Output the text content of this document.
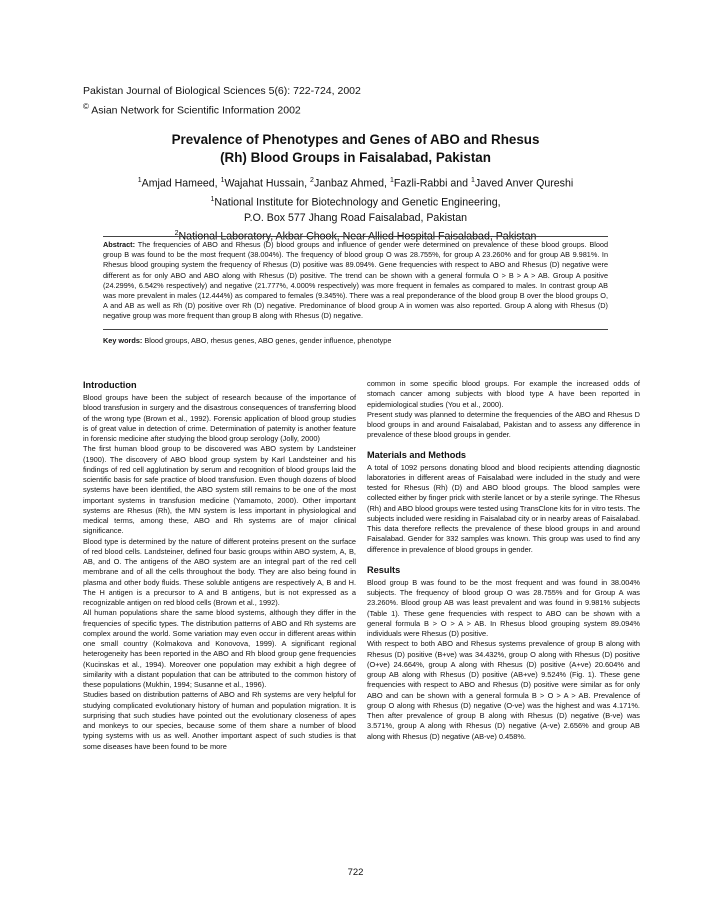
Pakistan Journal of Biological Sciences 5(6): 722-724, 2002
© Asian Network for Scientific Information 2002
Prevalence of Phenotypes and Genes of ABO and Rhesus
(Rh) Blood Groups in Faisalabad, Pakistan
$^1$Amjad Hameed, $^1$Wajahat Hussain, $^2$Janbaz Ahmed, $^1$Fazli-Rabbi and $^1$Javed Anver Qureshi
$^1$National Institute for Biotechnology and Genetic Engineering,
P.O. Box 577 Jhang Road Faisalabad, Pakistan
$^2$National Laboratory, Akbar Chook, Near Allied Hospital Faisalabad, Pakistan
Abstract: The frequencies of ABO and Rhesus (D) blood groups and influence of gender were determined on prevalence of these blood groups. Blood group B was found to be the most frequent (38.004%). The frequency of blood group O was 28.755%, for group A 23.260% and for group AB 9.981%. In Rhesus blood grouping system the frequency of Rhesus (D) positive was 89.094%. Gene frequencies with respect to ABO and Rhesus (D) negative were different as for only ABO and ABO along with Rhesus (D) positive. The trend can be shown with a general formula O > B > A > AB. Group A positive (24.299%, 6.542% respectively) and negative (21.777%, 4.000% respectively) was more frequent in females as compared to males. In contrast group AB was more prevalent in males (12.444%) as compared to females (9.345%). There was a real preponderance of the blood group B over the blood groups O, A and AB as well as Rh (D) positive over Rh (D) negative. Predominance of blood group A in women was also reported. Group A along with Rhesus (D) negative group was more frequent than group B along with Rhesus (D) negative.
Key words: Blood groups, ABO, rhesus genes, ABO genes, gender influence, phenotype
Introduction

Blood groups have been the subject of research because of the importance of blood transfusion in surgery and the disastrous consequences of transferring blood of the wrong type (Brown et al., 1992). Forensic application of blood group studies is of great value in detection of crime. Determination of paternity is another feature in forensic medicine after studying the blood group serology (Jolly, 2000)

The first human blood group to be discovered was ABO system by Landsteiner (1900). The discovery of ABO blood group system by Karl Landsteiner and his findings of red cell agglutination by serum and recognition of blood groups laid the scientific basis for safe practice of blood transfusion. Even though dozens of blood systems have been identified, the ABO system still remains to be one of the most important systems in transfusion medicine (Yamamoto, 2000). Other important systems are Rhesus (Rh), the MN system is less important in physiological and medical terms, among these, ABO and Rh systems are of major clinical significance.

Blood type is determined by the nature of different proteins present on the surface of red blood cells. Landsteiner, defined four basic groups within ABO system, A, B, AB, and O. The antigens of the ABO system are an integral part of the red cell membrane and of all the cells throughout the body. They are also being found in plasma and other body fluids. These soluble antigens are respectively A, B and H. The H antigen is a precursor to A and B antigens, but is not expressed as a recognizable antigen on red blood cells (Brown et al., 1992).

All human populations share the same blood systems, although they differ in the frequencies of specific types. The distribution patterns of ABO and Rh systems are complex around the world. Some variation may even occur in different areas within one small country (Kolmakova and Konονova, 1999). A significant regional heterogeneity has been reported in the ABO and Rh blood group gene frequencies (Kucinskas et al., 1994). Moreover one population may exhibit a high degree of similarity with a distant population that can be attributed to the common history of these populations (Mukhin, 1994; Susanne et al., 1996).

Studies based on distribution patterns of ABO and Rh systems are very helpful for studying complicated evolutionary history of human and population migration. It is surprising that such studies have pointed out the evolutionary closeness of apes and monkeys to our species, because some of them share a number of blood typing systems with us as well. Another important aspect of such studies is that some diseases have been found to be more

common in some specific blood groups. For example the increased odds of stomach cancer among subjects with blood type A have been reported in epidemiological studies (You et al., 2000).

Present study was planned to determine the frequencies of the ABO and Rhesus D blood groups in and around Faisalabad, Pakistan and to assess any difference in prevalence of these blood groups in gender.

Materials and Methods

A total of 1092 persons donating blood and blood recipients attending diagnostic laboratories in different areas of Faisalabad were included in the study and were tested for Rhesus (Rh) (D) and ABO blood groups. The blood samples were collected either by finger prick with sterile lancet or by a sterile syringe. The Rhesus (Rh) and ABO blood groups were tested using TransClone kits for in vitro tests. The subjects included were residing in Faisalabad city or in nearby areas of Faisalabad. This data therefore reflects the prevalence of these blood groups in and around Faisalabad. Gender for 332 samples was known. This group was used to find any difference in prevalence of blood groups in gender.

Results

Blood group B was found to be the most frequent and was found in 38.004% subjects. The frequency of blood group O was 28.755% and for Group A was 23.260%. Blood group AB was least prevalent and was found in 9.981% subjects (Table 1). These gene frequencies with respect to ABO can be shown with a general formula B > O > A > AB. In Rhesus blood grouping system 89.094% individuals were Rhesus (D) positive.

With respect to both ABO and Rhesus systems prevalence of group B along with Rhesus (D) positive (B+ve) was 34.432%, group O along with Rhesus (D) positive (O+ve) 24.664%, group A along with Rhesus (D) positive (A+ve) 20.604% and group AB along with Rhesus (D) positive (AB+ve) 9.524% (Fig. 1). These gene frequencies with respect to ABO and Rhesus (D) positive were similar as for only ABO and can be shown with a general formula B > O > A > AB. Prevalence of group O along with Rhesus (D) negative (O-ve) was the highest and was 4.171%. Then after prevalence of group B along with Rhesus (D) negative (B-ve) was 3.571%, group A along with Rhesus (D) negative (A-ve) 2.656% and group AB along with Rhesus (D) negative (AB-ve) 0.458%.

722
